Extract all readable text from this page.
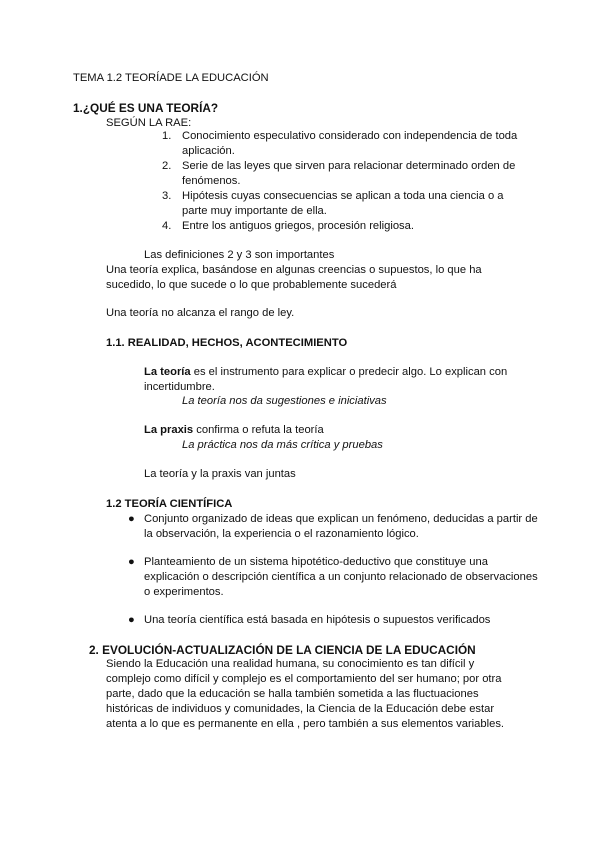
TEMA 1.2 TEORÍADE LA EDUCACIÓN
1.¿QUÉ ES UNA TEORÍA?
SEGÚN LA RAE:
1. Conocimiento especulativo considerado con independencia de toda aplicación.
2. Serie de las leyes que sirven para relacionar determinado orden de fenómenos.
3. Hipótesis cuyas consecuencias se aplican a toda una ciencia o a parte muy importante de ella.
4. Entre los antiguos griegos, procesión religiosa.
Las definiciones 2 y 3 son importantes
Una teoría explica, basándose en algunas creencias o supuestos, lo que ha sucedido, lo que sucede o lo que probablemente sucederá
Una teoría no alcanza el rango de ley.
1.1. REALIDAD, HECHOS, ACONTECIMIENTO
La teoría es el instrumento para explicar o predecir algo. Lo explican con incertidumbre.
La teoría nos da sugestiones e iniciativas
La praxis confirma o refuta la teoría
La práctica nos da más crítica y pruebas
La teoría y la praxis van juntas
1.2 TEORÍA CIENTÍFICA
● Conjunto organizado de ideas que explican un fenómeno, deducidas a partir de la observación, la experiencia o el razonamiento lógico.
● Planteamiento de un sistema hipotético-deductivo que constituye una explicación o descripción científica a un conjunto relacionado de observaciones o experimentos.
● Una teoría científica está basada en hipótesis o supuestos verificados
2. EVOLUCIÓN-ACTUALIZACIÓN DE LA CIENCIA DE LA EDUCACIÓN
Siendo la Educación una realidad humana, su conocimiento es tan difícil y complejo como difícil y complejo es el comportamiento del ser humano; por otra parte, dado que la educación se halla también sometida a las fluctuaciones históricas de individuos y comunidades, la Ciencia de la Educación debe estar atenta a lo que es permanente en ella , pero también a sus elementos variables.
